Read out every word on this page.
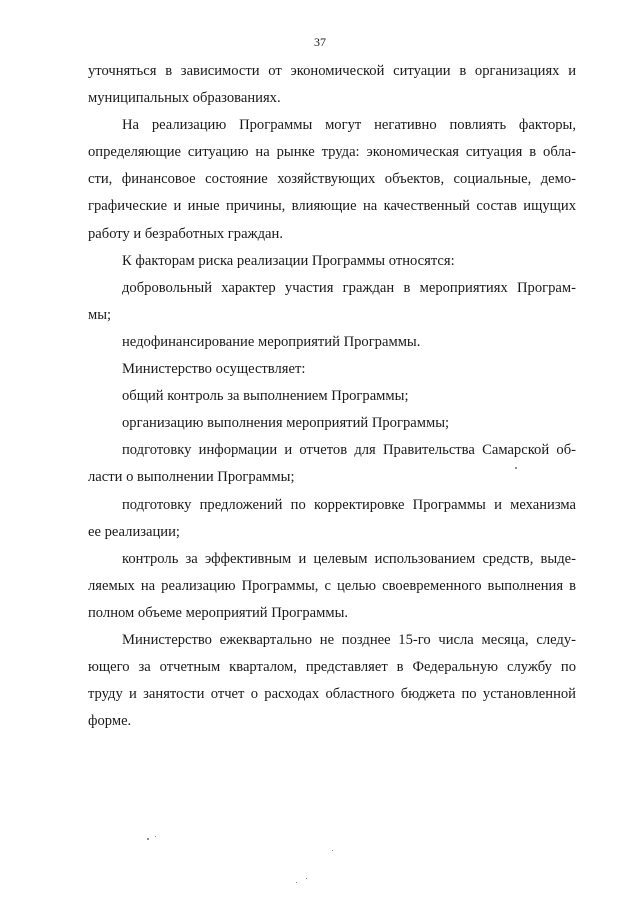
37
уточняться в зависимости от экономической ситуации в организациях и
муниципальных образованиях.
На реализацию Программы могут негативно повлиять факторы,
определяющие ситуацию на рынке труда: экономическая ситуация в обла-
сти, финансовое состояние хозяйствующих объектов, социальные, демо-
графические и иные причины, влияющие на качественный состав ищущих
работу и безработных граждан.
К факторам риска реализации Программы относятся:
добровольный характер участия граждан в мероприятиях Програм-
мы;
недофинансирование мероприятий Программы.
Министерство осуществляет:
общий контроль за выполнением Программы;
организацию выполнения мероприятий Программы;
подготовку информации и отчетов для Правительства Самарской об-
ласти о выполнении Программы;
подготовку предложений по корректировке Программы и механизма
ее реализации;
контроль за эффективным и целевым использованием средств, выде-
ляемых на реализацию Программы, с целью своевременного выполнения в
полном объеме мероприятий Программы.
Министерство ежеквартально не позднее 15-го числа месяца, следу-
ющего за отчетным кварталом, представляет в Федеральную службу по
труду и занятости отчет о расходах областного бюджета по установленной
форме.
